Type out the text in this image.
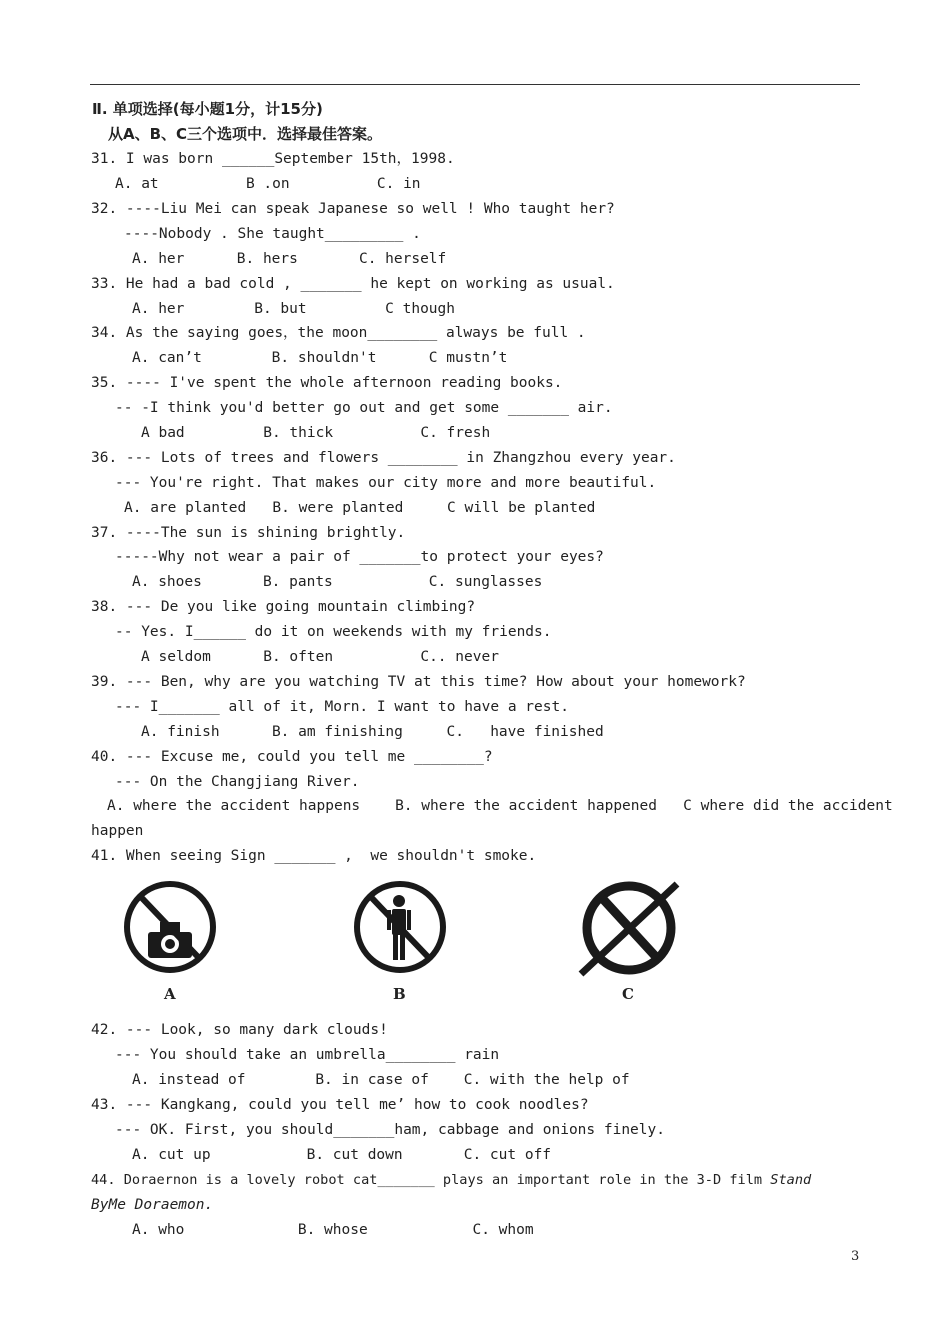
Ⅱ. 单项选择(每小题1分，计15分)
从A、B、C三个选项中．选择最佳答案。
31. I was born ______September 15th，1998.
A. at          B .on          C. in
32. ----Liu Mei can speak Japanese so well ! Who taught her?
----Nobody . She taught_________ .
A. her      B. hers       C. herself
33. He had a bad cold , _______ he kept on working as usual.
A. her        B. but         C though
34. As the saying goes，the moon________ always be full .
A. can’t        B. shouldn't      C mustn’t
35. ---- I've spent the whole afternoon reading books.
-- -I think you'd better go out and get some _______ air.
A bad         B. thick          C. fresh
36. --- Lots of trees and flowers ________ in Zhangzhou every year.
--- You're right. That makes our city more and more beautiful.
A. are planted   B. were planted     C will be planted
37. ----The sun is shining brightly.
-----Why not wear a pair of _______to protect your eyes?
A. shoes       B. pants           C. sunglasses
38. --- De you like going mountain climbing?
-- Yes. I______ do it on weekends with my friends.
A seldom      B. often          C.. never
39. --- Ben, why are you watching TV at this time? How about your homework?
--- I_______ all of it, Morn. I want to have a rest.
A. finish      B. am finishing     C.   have finished
40. --- Excuse me, could you tell me ________?
--- On the Changjiang River.
A. where the accident happens    B. where the accident happened   C where did the accident
happen
41. When seeing Sign _______ ,  we shouldn't smoke.
A	B	C
42. --- Look, so many dark clouds!
--- You should take an umbrella________ rain
A. instead of        B. in case of    C. with the help of
43. --- Kangkang, could you tell me’ how to cook noodles?
--- OK. First, you should_______ham, cabbage and onions finely.
A. cut up           B. cut down       C. cut off
44. Doraernon is a lovely robot cat_______ plays an important role in the 3-D film Stand
ByMe Doraemon.
A. who             B. whose            C. whom
3
